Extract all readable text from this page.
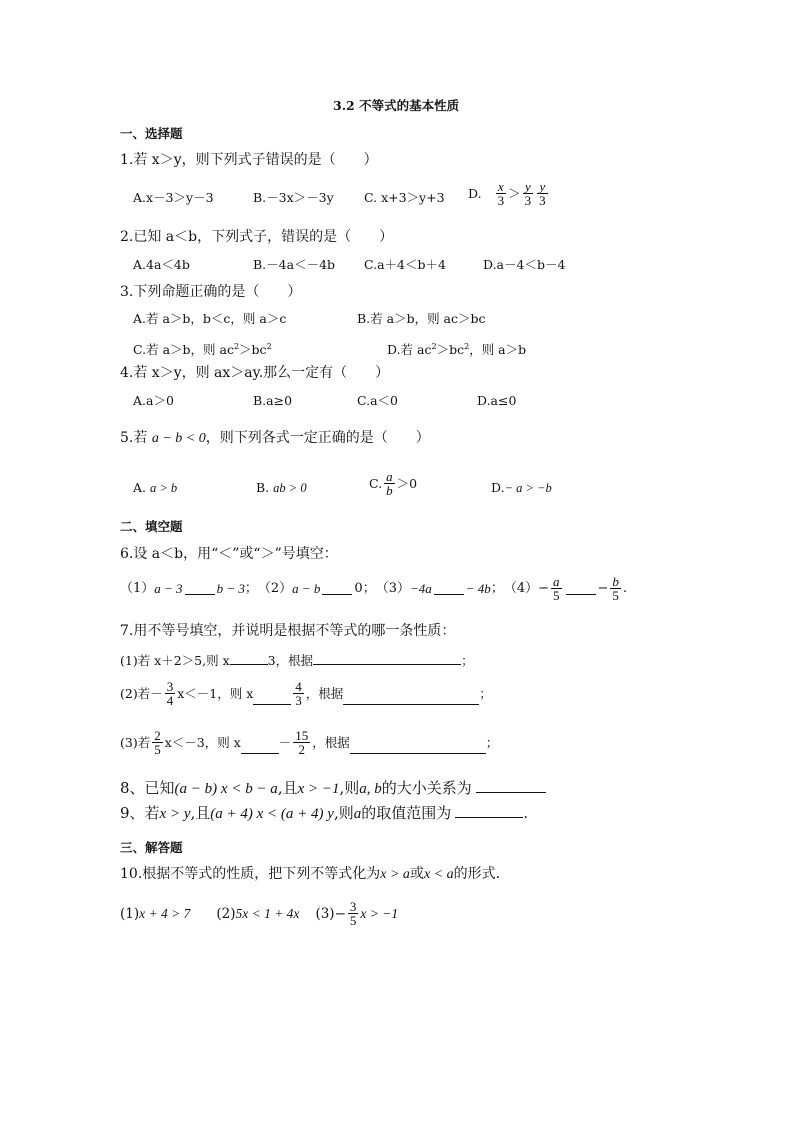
3.2 不等式的基本性质
一、选择题
1.若 x＞y，则下列式子错误的是（　　）
A.x－3＞y－3	B.－3x＞－3y C. x+3＞y+3 D. $\frac{x}{3} > \frac{y}{3} \frac{y}{3}$
2.已知 a＜b，下列式子，错误的是（　　）
A.4a＜4b	B.－4a＜－4b C.a＋4＜b＋4	D.a－4＜b－4
3.下列命题正确的是（　　）
A.若 a＞b，b＜c，则 a＞c	B.若 a＞b，则 ac＞bc
C.若 a＞b，则 $ac^2>bc^2$	D.若 $ac^2>bc^2$，则 a＞b
4.若 x＞y，则 ax＞ay.那么一定有（　　）
A.a＞0	B.a≥0	C.a＜0	D.a≤0
5.若 a − b < 0，则下列各式一定正确的是（　　）
A. a > b	B. ab > 0	C. $\frac{a}{b} >0$	D.− a > −b
二、填空题
6.设 a＜b，用“＜”或“＞”号填空：
（1） a − 3	b − 3 ； （2） a − b	0 ； （3） −4a	− 4b ； $(4) - \frac{a}{5}$	− $\frac{b}{5}$ .
7.用不等号填空，并说明是根据不等式的哪一条性质：
(1)若 x＋2＞5,则 x	3，根据	；
(2)若－ $\frac{3}{4} x<-1$，则 x	$\frac{4}{3}$ ，根据	；
(3)若 $\frac{2}{5} x<-3$，则 x	－ $\frac{15}{2}$ ，根据	；
8、已知(a − b) x < b − a,且x > −1,则a, b的大小关系为
9、若x > y,且(a + 4) x < (a + 4) y,则a的取值范围为	.
三、解答题
10.根据不等式的性质，把下列不等式化为x > a或x < a的形式.
(1) x + 4 > 7 (2) 5x < 1 + 4x $(3) - \frac{3}{5}$ x > −1
